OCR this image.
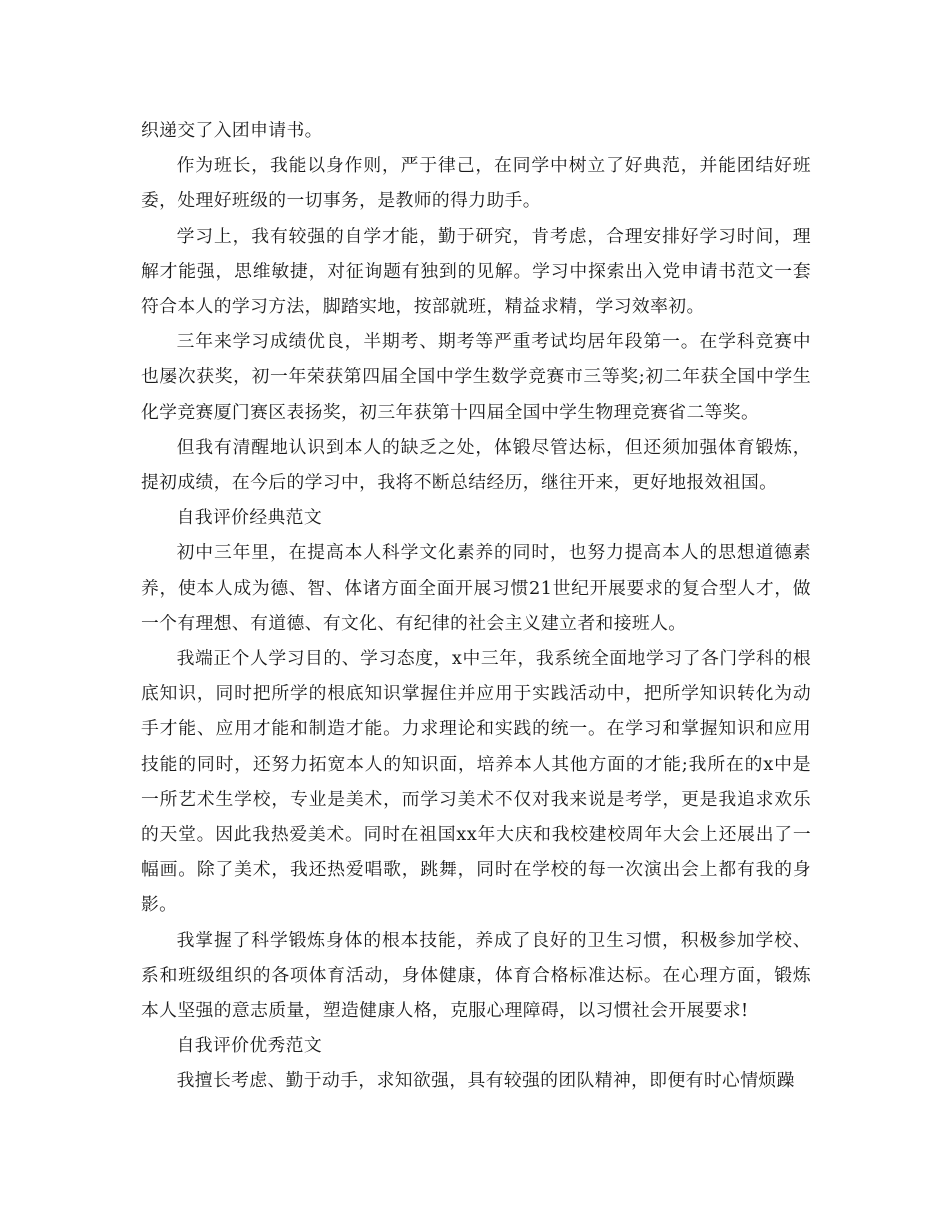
织递交了入团申请书。

作为班长，我能以身作则，严于律己，在同学中树立了好典范，并能团结好班委，处理好班级的一切事务，是教师的得力助手。

学习上，我有较强的自学才能，勤于研究，肯考虑，合理安排好学习时间，理解才能强，思维敏捷，对征询题有独到的见解。学习中探索出入党申请书范文一套符合本人的学习方法，脚踏实地，按部就班，精益求精，学习效率初。

三年来学习成绩优良，半期考、期考等严重考试均居年段第一。在学科竞赛中也屡次获奖，初一年荣获第四届全国中学生数学竞赛市三等奖;初二年获全国中学生化学竞赛厦门赛区表扬奖，初三年获第十四届全国中学生物理竞赛省二等奖。

但我有清醒地认识到本人的缺乏之处，体锻尽管达标，但还须加强体育锻炼，提初成绩，在今后的学习中，我将不断总结经历，继往开来，更好地报效祖国。

自我评价经典范文

初中三年里，在提高本人科学文化素养的同时，也努力提高本人的思想道德素养，使本人成为德、智、体诸方面全面开展习惯21世纪开展要求的复合型人才，做一个有理想、有道德、有文化、有纪律的社会主义建立者和接班人。

我端正个人学习目的、学习态度，x中三年，我系统全面地学习了各门学科的根底知识，同时把所学的根底知识掌握住并应用于实践活动中，把所学知识转化为动手才能、应用才能和制造才能。力求理论和实践的统一。在学习和掌握知识和应用技能的同时，还努力拓宽本人的知识面，培养本人其他方面的才能;我所在的x中是一所艺术生学校，专业是美术，而学习美术不仅对我来说是考学，更是我追求欢乐的天堂。因此我热爱美术。同时在祖国xx年大庆和我校建校周年大会上还展出了一幅画。除了美术，我还热爱唱歌，跳舞，同时在学校的每一次演出会上都有我的身影。

我掌握了科学锻炼身体的根本技能，养成了良好的卫生习惯，积极参加学校、系和班级组织的各项体育活动，身体健康，体育合格标准达标。在心理方面，锻炼本人坚强的意志质量，塑造健康人格，克服心理障碍，以习惯社会开展要求!

自我评价优秀范文

我擅长考虑、勤于动手，求知欲强，具有较强的团队精神，即便有时心情烦躁
